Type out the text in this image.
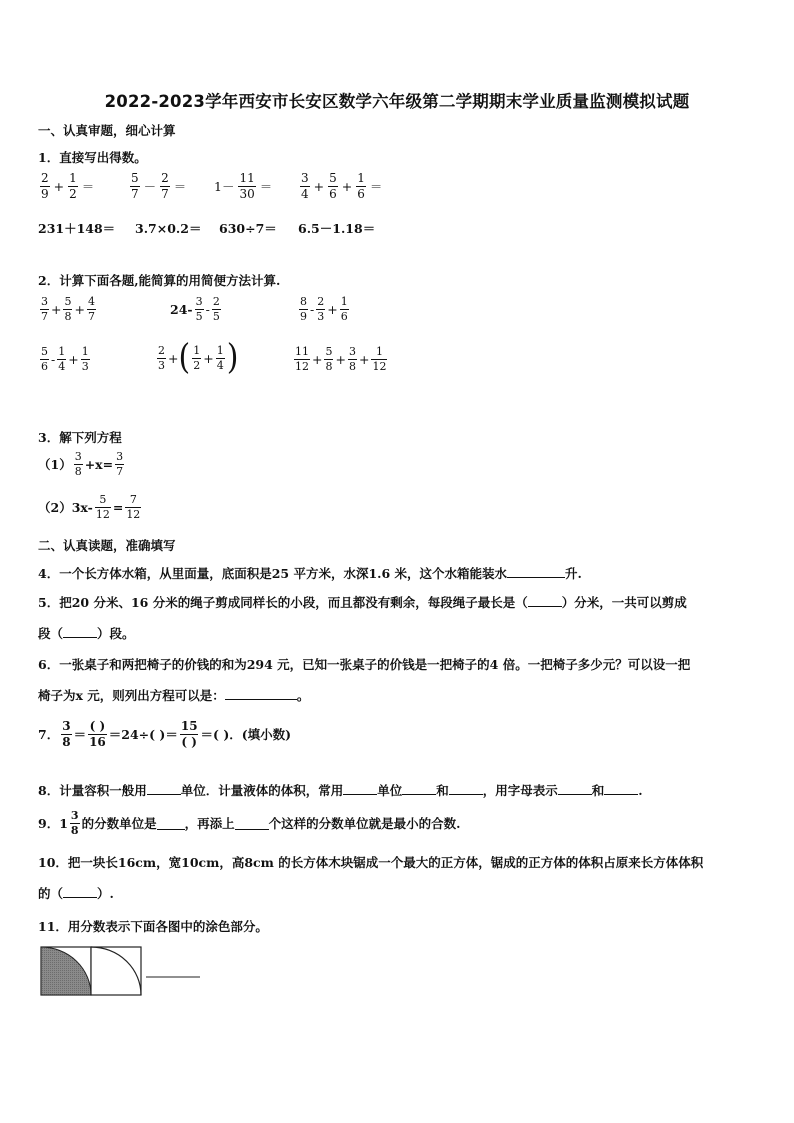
2022-2023学年西安市长安区数学六年级第二学期期末学业质量监测模拟试题
一、认真审题，细心计算
1．直接写出得数。
$\frac{2}{9} + \frac{1}{2}$ ＝	$\frac{5}{7} - \frac{2}{7} = 1- \frac{11}{30} = \frac{3}{4} + \frac{5}{6} + \frac{1}{6}$ ＝
231＋148＝ 3.7×0.2＝ 630÷7＝ 6.5－1.18＝
2．计算下面各题,能简算的用简便方法计算.
$\frac{3}{7} + \frac{5}{8} + \frac{4}{7}$	$24- \frac{3}{5} - \frac{2}{5}$	$\frac{8}{9} - \frac{2}{3} + \frac{1}{6}$
$\frac{5}{6} - \frac{1}{4} + \frac{1}{3}$	$\frac{2}{3}$ + ( $\frac{1}{2} + \frac{1}{4}$ )	$\frac{11}{12} + \frac{5}{8} + \frac{3}{8} + \frac{1}{12}$
3．解下列方程
$(1) \frac{3}{8} +x= \frac{3}{7}$
$(2)3x- \frac{5}{12} = \frac{7}{12}$
二、认真读题，准确填写
4．一个长方体水箱，从里面量，底面积是25 平方米，水深1.6 米，这个水箱能装水	升.
5．把20 分米、16 分米的绳子剪成同样长的小段，而且都没有剩余，每段绳子最长是（	）分米，一共可以剪成
段（	）段。
6．一张桌子和两把椅子的价钱的和为294 元，已知一张桌子的价钱是一把椅子的4 倍。一把椅子多少元？可以设一把
椅子为x 元，则列出方程可以是：	。
7． $\frac{3}{8} = \frac{( )}{16} =24\div$( )＝ $\frac{15}{( )}$ ＝( )．(填小数)
8．计量容积一般用	单位．计量液体的体积，常用	单位	和	，用字母表示	和	.
9．$1 \frac{3}{8}$ 的分数单位是 ，再添上	个这样的分数单位就是最小的合数.
10．把一块长16cm，宽10cm，高8cm 的长方体木块锯成一个最大的正方体，锯成的正方体的体积占原来长方体体积
的（	）.
11．用分数表示下面各图中的涂色部分。
